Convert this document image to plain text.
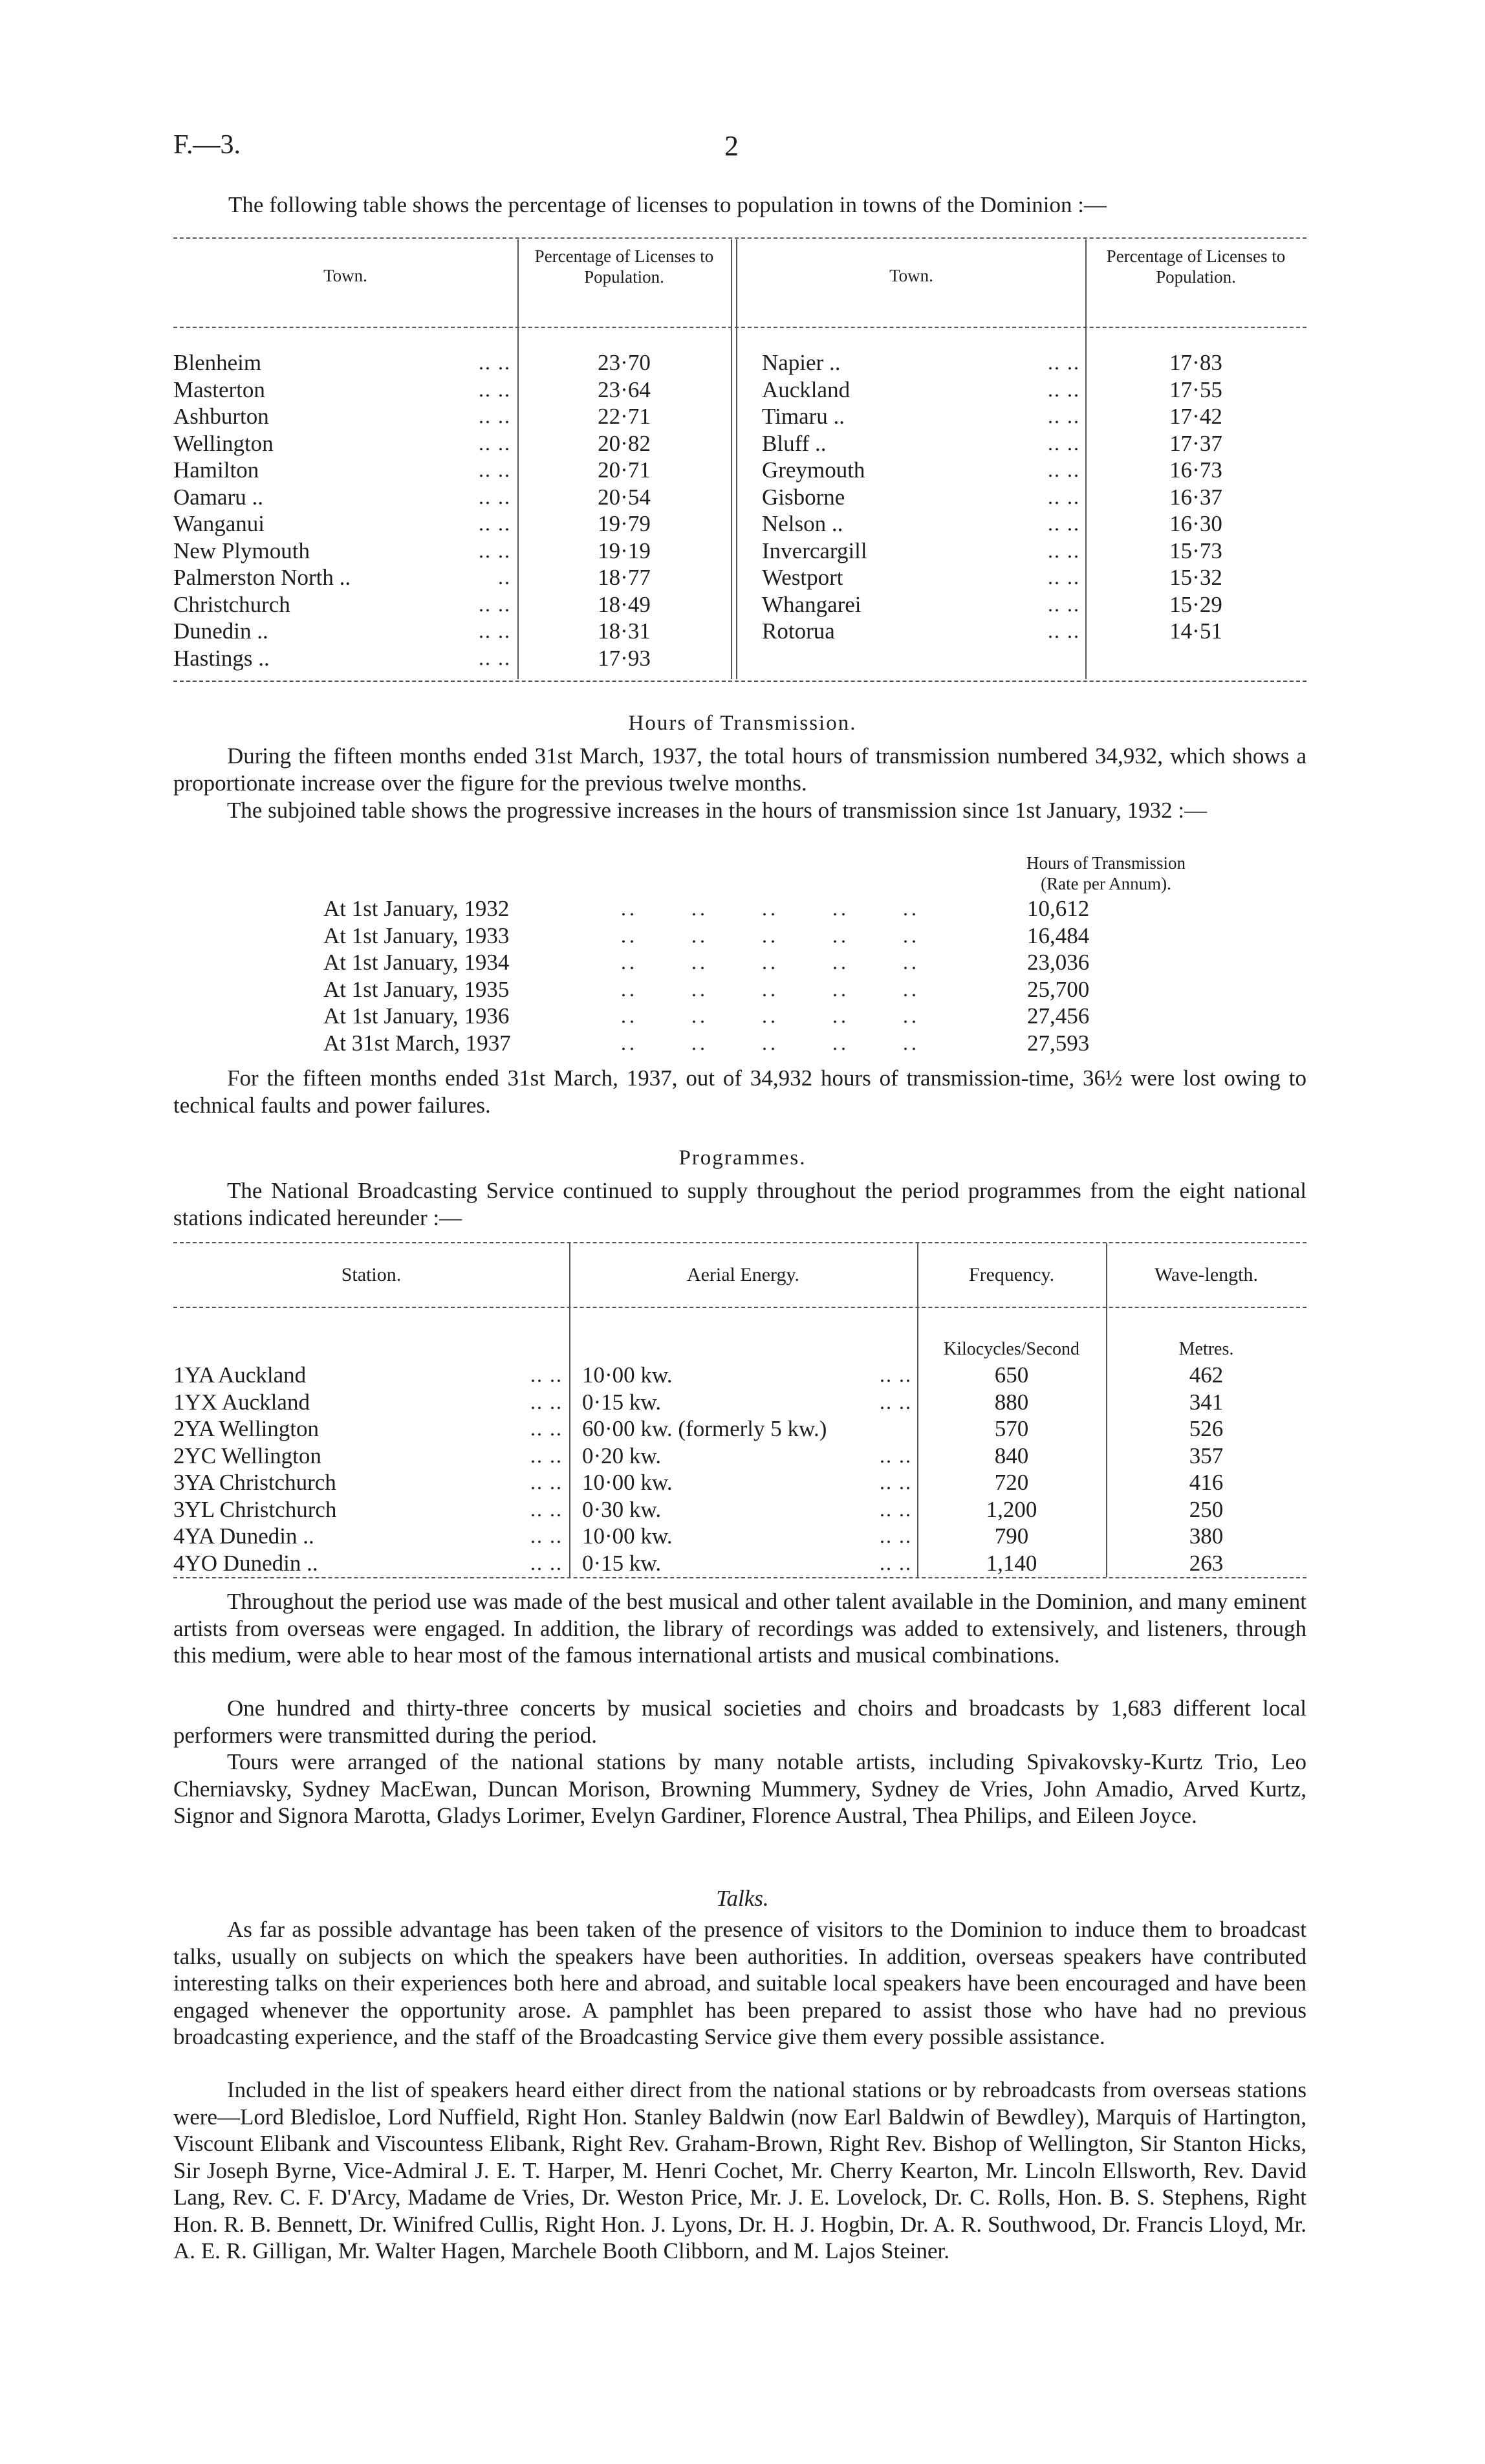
F.—3.	2
The following table shows the percentage of licenses to population in towns of the Dominion :—
Town.
Percentage of Licenses to Population.	Town.
Percentage of Licenses to Population.
Blenheim	.. ..	23·70
Masterton	.. ..	23·64
Ashburton	.. ..	22·71
Wellington	.. ..	20·82
Hamilton	.. ..	20·71
Oamaru ..	.. ..	20·54
Wanganui	.. ..	19·79
New Plymouth	.. ..	19·19
Palmerston North ..	..	18·77
Christchurch	.. ..	18·49
Dunedin ..	.. ..	18·31
Hastings ..	.. ..	17·93
Napier ..	.. ..	17·83
Auckland	.. ..	17·55
Timaru ..	.. ..	17·42
Bluff ..	.. ..	17·37
Greymouth	.. ..	16·73
Gisborne	.. ..	16·37
Nelson ..	.. ..	16·30
Invercargill	.. ..	15·73
Westport	.. ..	15·32
Whangarei	.. ..	15·29
Rotorua	.. ..	14·51
Hours of Transmission.
During the fifteen months ended 31st March, 1937, the total hours of transmission numbered 34,932, which shows a proportionate increase over the figure for the previous twelve months.
The subjoined table shows the progressive increases in the hours of transmission since 1st January, 1932 :—
Hours of Transmission
(Rate per Annum).
At 1st January, 1932	.. .. .. .. ..	10,612
At 1st January, 1933	.. .. .. .. ..	16,484
At 1st January, 1934	.. .. .. .. ..	23,036
At 1st January, 1935	.. .. .. .. ..	25,700
At 1st January, 1936	.. .. .. .. ..	27,456
At 31st March, 1937	.. .. .. .. ..	27,593
For the fifteen months ended 31st March, 1937, out of 34,932 hours of transmission-time, 36½ were lost owing to technical faults and power failures.
Programmes.
The National Broadcasting Service continued to supply throughout the period programmes from the eight national stations indicated hereunder :—
Station.	Aerial Energy.	Frequency.	Wave-length.
Kilocycles/Second	Metres.
1YA Auckland	.. .. 10·00 kw.	.. ..	650	462
1YX Auckland	.. .. 0·15 kw.	.. ..	880	341
2YA Wellington	.. .. 60·00 kw. (formerly 5 kw.)	570	526
2YC Wellington	.. .. 0·20 kw.	.. ..	840	357
3YA Christchurch	.. .. 10·00 kw.	.. ..	720	416
3YL Christchurch	.. .. 0·30 kw.	.. ..	1,200	250
4YA Dunedin ..	.. .. 10·00 kw.	.. ..	790	380
4YO Dunedin ..	.. .. 0·15 kw.	.. ..	1,140	263
Throughout the period use was made of the best musical and other talent available in the Dominion, and many eminent artists from overseas were engaged. In addition, the library of recordings was added to extensively, and listeners, through this medium, were able to hear most of the famous international artists and musical combinations.
One hundred and thirty-three concerts by musical societies and choirs and broadcasts by 1,683 different local performers were transmitted during the period.
Tours were arranged of the national stations by many notable artists, including Spivakovsky-Kurtz Trio, Leo Cherniavsky, Sydney MacEwan, Duncan Morison, Browning Mummery, Sydney de Vries, John Amadio, Arved Kurtz, Signor and Signora Marotta, Gladys Lorimer, Evelyn Gardiner, Florence Austral, Thea Philips, and Eileen Joyce.
Talks.
As far as possible advantage has been taken of the presence of visitors to the Dominion to induce them to broadcast talks, usually on subjects on which the speakers have been authorities. In addition, overseas speakers have contributed interesting talks on their experiences both here and abroad, and suitable local speakers have been encouraged and have been engaged whenever the opportunity arose. A pamphlet has been prepared to assist those who have had no previous broadcasting experience, and the staff of the Broadcasting Service give them every possible assistance.
Included in the list of speakers heard either direct from the national stations or by rebroadcasts from overseas stations were—Lord Bledisloe, Lord Nuffield, Right Hon. Stanley Baldwin (now Earl Baldwin of Bewdley), Marquis of Hartington, Viscount Elibank and Viscountess Elibank, Right Rev. Graham-Brown, Right Rev. Bishop of Wellington, Sir Stanton Hicks, Sir Joseph Byrne, Vice-Admiral J. E. T. Harper, M. Henri Cochet, Mr. Cherry Kearton, Mr. Lincoln Ellsworth, Rev. David Lang, Rev. C. F. D'Arcy, Madame de Vries, Dr. Weston Price, Mr. J. E. Lovelock, Dr. C. Rolls, Hon. B. S. Stephens, Right Hon. R. B. Bennett, Dr. Winifred Cullis, Right Hon. J. Lyons, Dr. H. J. Hogbin, Dr. A. R. Southwood, Dr. Francis Lloyd, Mr. A. E. R. Gilligan, Mr. Walter Hagen, Marchele Booth Clibborn, and M. Lajos Steiner.
